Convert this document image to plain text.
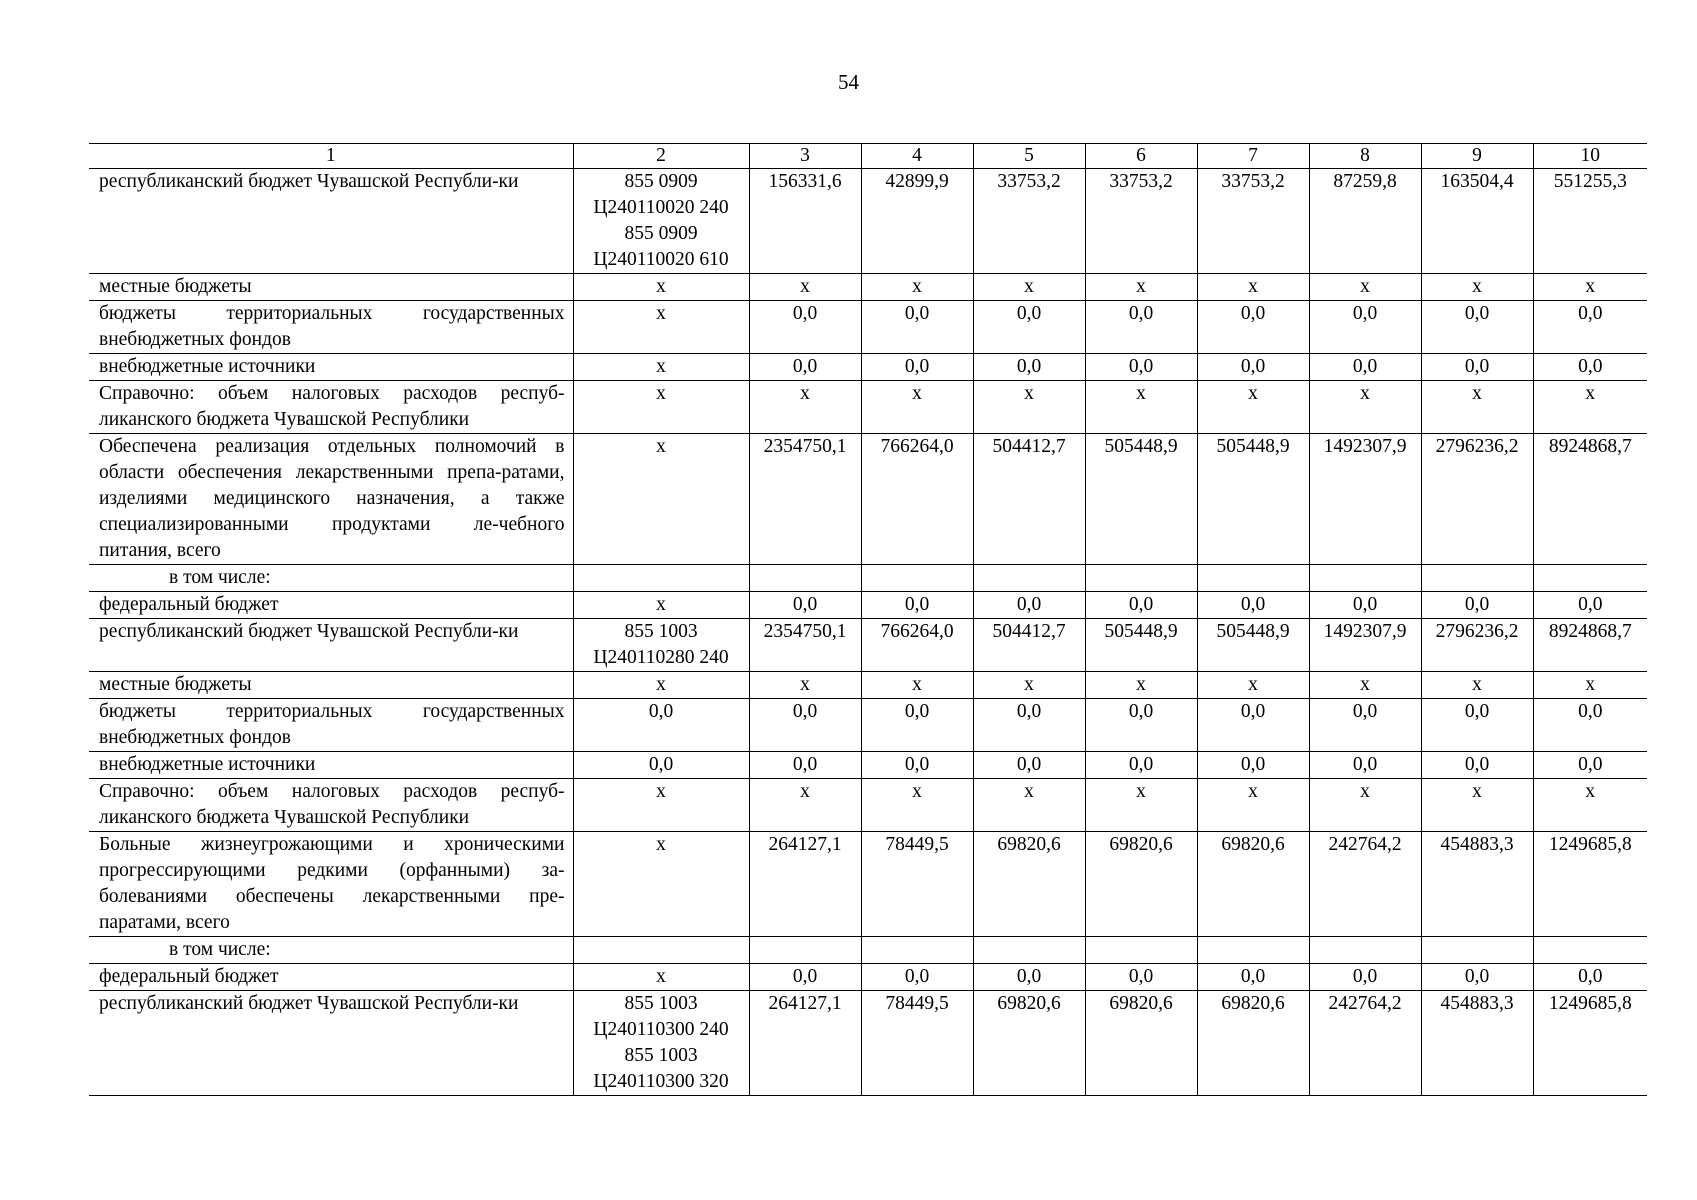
54
1	2	3	4	5	6	7	8	9	10
республиканский бюджет Чувашской Республи-ки	855 0909
Ц240110020 240
855 0909
Ц240110020 610	156331,6	42899,9	33753,2	33753,2	33753,2	87259,8	163504,4	551255,3
местные бюджеты	x	x	x	x	x	x	x	x	x
бюджеты территориальных государственных внебюджетных фондов	x	0,0	0,0	0,0	0,0	0,0	0,0	0,0	0,0
внебюджетные источники	x	0,0	0,0	0,0	0,0	0,0	0,0	0,0	0,0
Справочно: объем налоговых расходов респуб-ликанского бюджета Чувашской Республики	x	x	x	x	x	x	x	x	x
Обеспечена реализация отдельных полномочий в области обеспечения лекарственными препа-ратами, изделиями медицинского назначения, а также специализированными продуктами ле-чебного питания, всего	x	2354750,1	766264,0	504412,7	505448,9	505448,9	1492307,9	2796236,2	8924868,7
в том числе:									
федеральный бюджет	x	0,0	0,0	0,0	0,0	0,0	0,0	0,0	0,0
республиканский бюджет Чувашской Республи-ки	855 1003
Ц240110280 240	2354750,1	766264,0	504412,7	505448,9	505448,9	1492307,9	2796236,2	8924868,7
местные бюджеты	x	x	x	x	x	x	x	x	x
бюджеты территориальных государственных внебюджетных фондов	0,0	0,0	0,0	0,0	0,0	0,0	0,0	0,0	0,0
внебюджетные источники	0,0	0,0	0,0	0,0	0,0	0,0	0,0	0,0	0,0
Справочно: объем налоговых расходов респуб-ликанского бюджета Чувашской Республики	x	x	x	x	x	x	x	x	x
Больные жизнеугрожающими и хроническими прогрессирующими редкими (орфанными) за-болеваниями обеспечены лекарственными пре-паратами, всего	x	264127,1	78449,5	69820,6	69820,6	69820,6	242764,2	454883,3	1249685,8
в том числе:									
федеральный бюджет	x	0,0	0,0	0,0	0,0	0,0	0,0	0,0	0,0
республиканский бюджет Чувашской Республи-ки	855 1003
Ц240110300 240
855 1003
Ц240110300 320	264127,1	78449,5	69820,6	69820,6	69820,6	242764,2	454883,3	1249685,8
